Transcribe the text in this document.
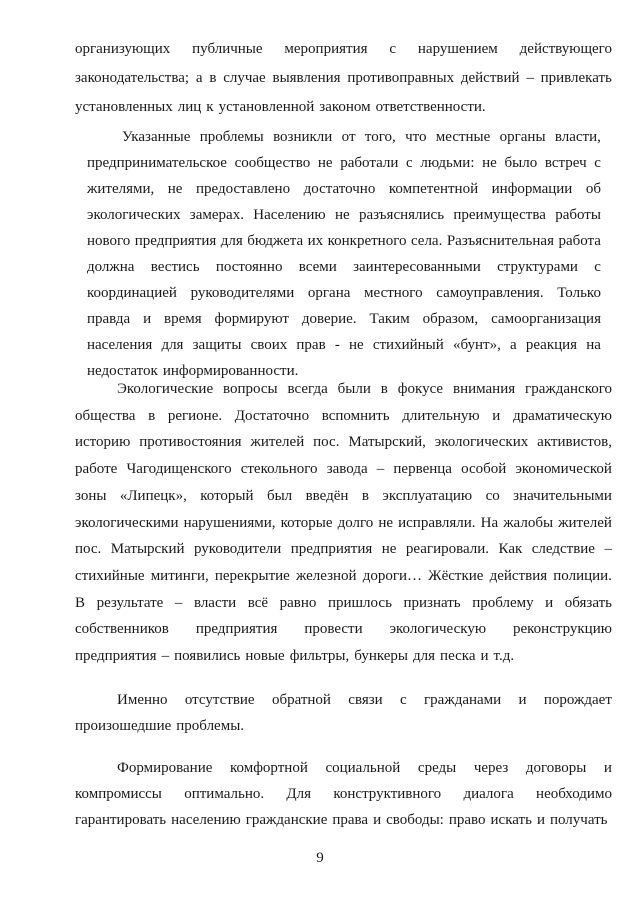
организующих публичные мероприятия с нарушением действующего
законодательства; а в случае выявления противоправных действий – привлекать
установленных лиц к установленной законом ответственности.
Указанные проблемы возникли от того, что местные органы власти,
предпринимательское сообщество не работали с людьми: не было встреч с
жителями, не предоставлено достаточно компетентной информации об
экологических замерах. Населению не разъяснялись преимущества работы
нового предприятия для бюджета их конкретного села. Разъяснительная работа
должна вестись постоянно всеми заинтересованными структурами с
координацией руководителями органа местного самоуправления. Только
правда и время формируют доверие. Таким образом, самоорганизация
населения для защиты своих прав - не стихийный «бунт», а реакция на
недостаток информированности.
Экологические вопросы всегда были в фокусе внимания гражданского
общества в регионе. Достаточно вспомнить длительную и драматическую
историю противостояния жителей пос. Матырский, экологических активистов,
работе Чагодищенского стекольного завода – первенца особой экономической
зоны «Липецк», который был введён в эксплуатацию со значительными
экологическими нарушениями, которые долго не исправляли. На жалобы жителей
пос. Матырский руководители предприятия не реагировали. Как следствие –
стихийные митинги, перекрытие железной дороги… Жёсткие действия полиции.
В результате – власти всё равно пришлось признать проблему и обязать
собственников предприятия провести экологическую реконструкцию
предприятия – появились новые фильтры, бункеры для песка и т.д.
Именно отсутствие обратной связи с гражданами и порождает
произошедшие проблемы.
Формирование комфортной социальной среды через договоры и
компромиссы оптимально. Для конструктивного диалога необходимо
гарантировать населению гражданские права и свободы: право искать и получать
9
